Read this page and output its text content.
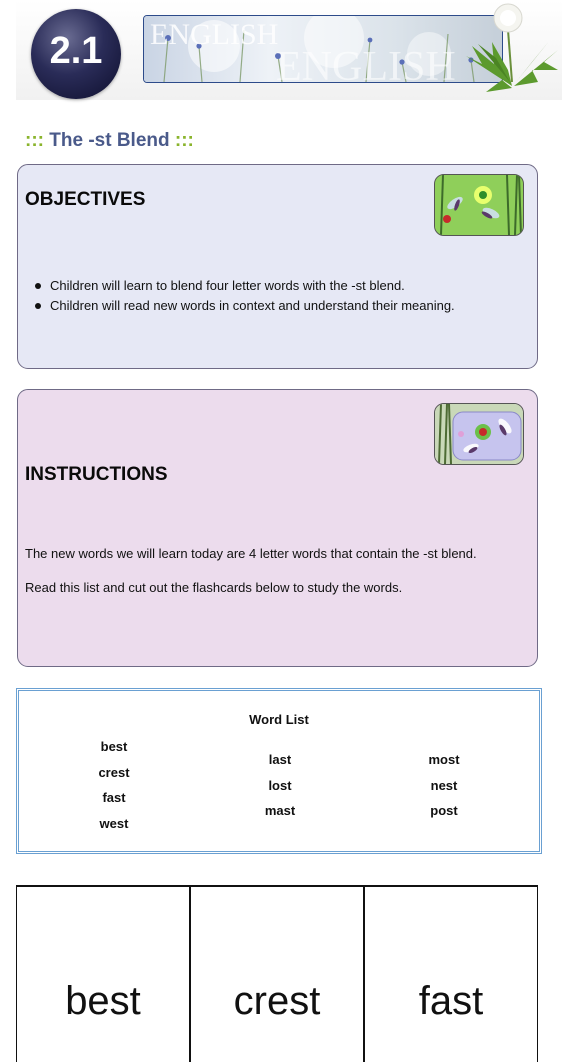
2.1	ENGLISH
ENGLISH
::: The -st Blend :::
OBJECTIVES
Children will learn to blend four letter words with the -st blend.
Children will read new words in context and understand their meaning.
INSTRUCTIONS
The new words we will learn today are 4 letter words that contain the -st blend.
Read this list and cut out the flashcards below to study the words.
Word List
best
crest
fast
west
last
lost
mast
most
nest
post
best	crest	fast
